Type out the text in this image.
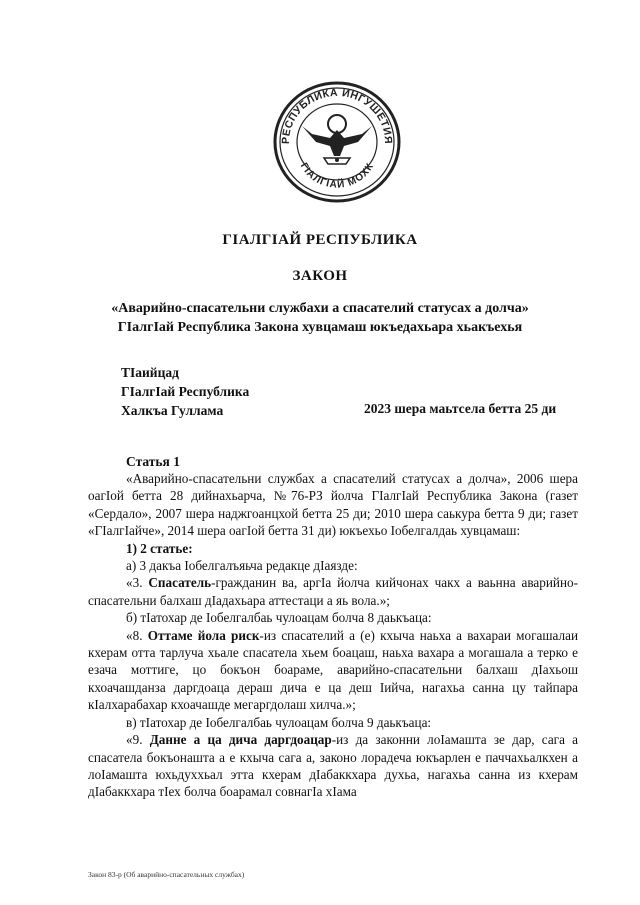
РЕСПУБЛИКА ИНГУШЕТИЯ
ГIАЛГIАЙ МОХК
ГIАЛГIАЙ РЕСПУБЛИКА
ЗАКОН
«Аварийно-спасательни службахи а спасателий статусах а долча»
ГIалгIай Республика Закона хувцамаш юкъедахьара хьакъехья
ТIаийцад
ГIалгIай Республика
Халкъа Гуллама	2023 шера маьтсела бетта 25 ди
Статья 1

«Аварийно-спасательни службах а спасателий статусах а долча», 2006 шера оагIой бетта 28 дийнахьарча, №76-РЗ йолча ГIалгIай Республика Закона (газет «Сердало», 2007 шера наджгоанцхой бетта 25 ди; 2010 шера саькура бетта 9 ди; газет «ГIалгIайче», 2014 шера оагIой бетта 31 ди) юкъехьо Iобелгалдаь хувцамаш:

1) 2 статье:

а) 3 дакъа Iобелгалъяьча редакце дIаязде:

«3. Спасатель-гражданин ва, аргIа йолча кийчонах чакх а ваьнна аварийно-спасательни балхаш дIадахьара аттестаци а яь вола.»;

б) тIатохар де Iобелгалбаь чулоацам болча 8 даькъаца:

«8. Оттаме йола риск-из спасателий а (е) кхыча наьха а вахараи могашалаи кхерам отта тарлуча хьале спасатела хьем боацаш, наьха вахара а могашала а терко е езача моттиге, цо бокъон боараме, аварийно-спасательни балхаш дIахьош кхоачашданза даргдоаца дераш дича е ца деш Iийча, нагахьа санна цу тайпара кIалхарабахар кхоачашде мегаргдолаш хилча.»;

в) тIатохар де Iобелгалбаь чулоацам болча 9 даькъаца:

«9. Данне а ца дича даргдоацар-из да законни лоIамашта зе дар, сага а спасатела бокъонашта а е кхыча сага а, законо лорадеча юкъарлен е паччахьалкхен а лоIамашта юхьдуххьал этта кхерам дIабаккхара духьа, нагахьа санна из кхерам дIабаккхара тIех болча боарамал совнагIа хIама

Закон 83-р (Об аварийно-спасательных службах)
